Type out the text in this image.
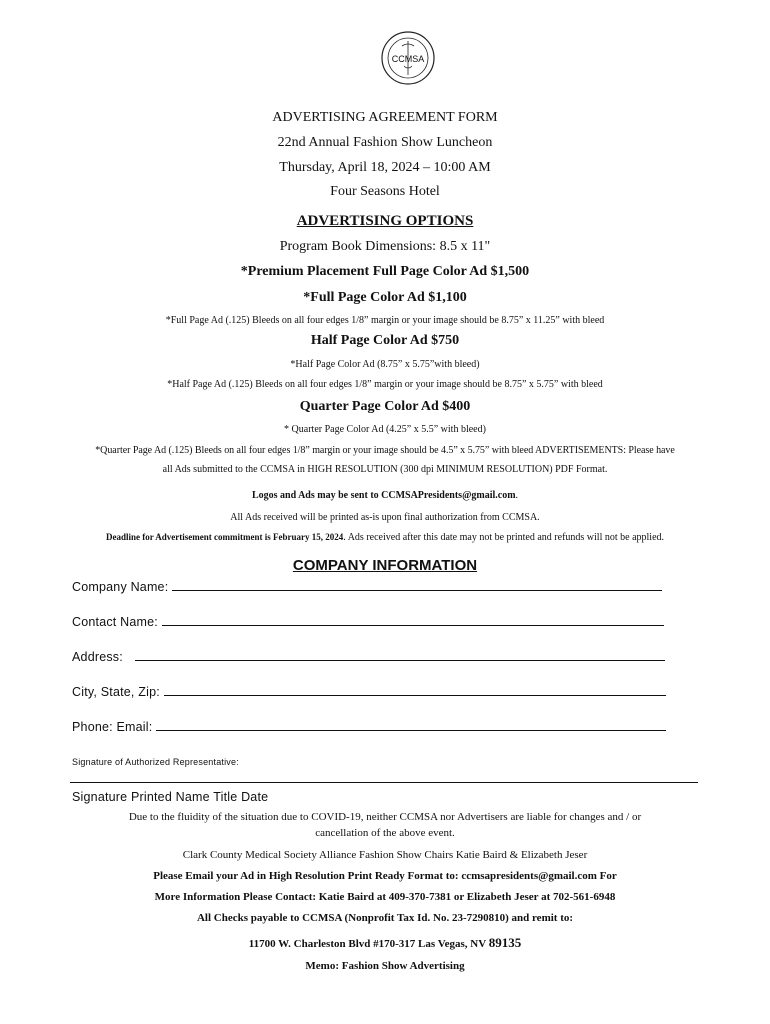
CCMSA
ADVERTISING AGREEMENT FORM
22nd Annual Fashion Show Luncheon
Thursday, April 18, 2024 – 10:00 AM
Four Seasons Hotel
ADVERTISING OPTIONS
Program Book Dimensions: 8.5 x 11"
*Premium Placement Full Page Color Ad $1,500
*Full Page Color Ad $1,100
*Full Page Ad (.125) Bleeds on all four edges 1/8” margin or your image should be 8.75” x 11.25” with bleed
Half Page Color Ad $750
*Half Page Color Ad (8.75” x 5.75”with bleed)
*Half Page Ad (.125) Bleeds on all four edges 1/8” margin or your image should be 8.75” x 5.75” with bleed
Quarter Page Color Ad $400
* Quarter Page Color Ad (4.25” x 5.5” with bleed)
*Quarter Page Ad (.125) Bleeds on all four edges 1/8” margin or your image should be 4.5” x 5.75” with bleed ADVERTISEMENTS: Please have
all Ads submitted to the CCMSA in HIGH RESOLUTION (300 dpi MINIMUM RESOLUTION) PDF Format.
Logos and Ads may be sent to CCMSAPresidents@gmail.com.
All Ads received will be printed as-is upon final authorization from CCMSA.
Deadline for Advertisement commitment is February 15, 2024. Ads received after this date may not be printed and refunds will not be applied.
COMPANY INFORMATION
Company Name:
Contact Name:
Address:
City, State, Zip:
Phone: Email:
Signature of Authorized Representative:
Signature Printed Name Title Date
Due to the fluidity of the situation due to COVID-19, neither CCMSA nor Advertisers are liable for changes and / or
cancellation of the above event.
Clark County Medical Society Alliance Fashion Show Chairs Katie Baird & Elizabeth Jeser
Please Email your Ad in High Resolution Print Ready Format to: ccmsapresidents@gmail.com For
More Information Please Contact: Katie Baird at 409-370-7381 or Elizabeth Jeser at 702-561-6948
All Checks payable to CCMSA (Nonprofit Tax Id. No. 23-7290810) and remit to:
11700 W. Charleston Blvd #170-317 Las Vegas, NV 89135
Memo: Fashion Show Advertising
